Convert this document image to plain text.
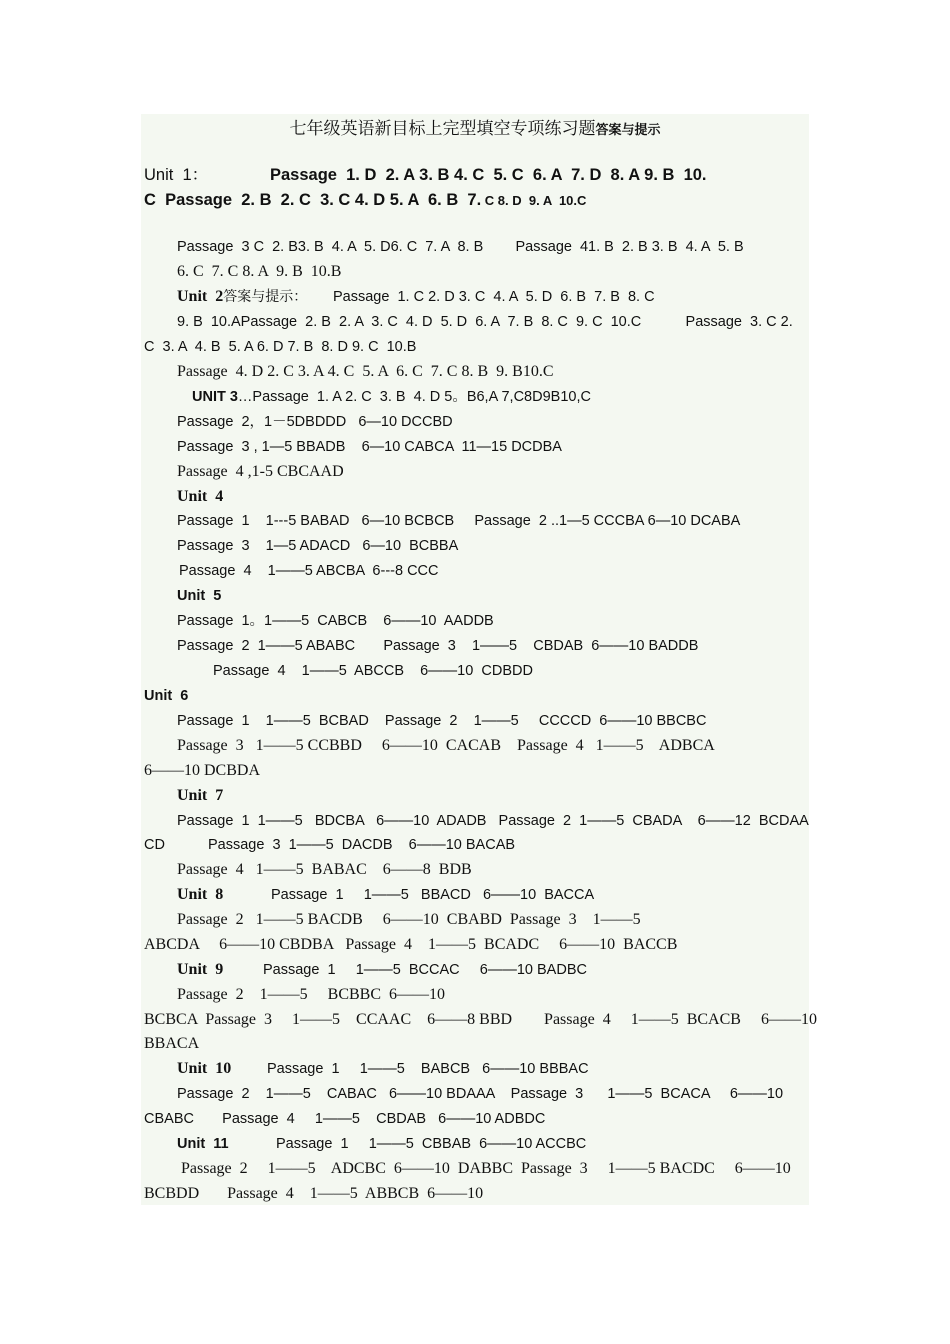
七年级英语新目标上完型填空专项练习题答案与提示
Unit  1：	Passage  1. D  2. A 3. B 4. C  5. C  6. A  7. D  8. A 9. B  10.
C  Passage  2. B  2. C  3. C 4. D 5. A  6. B  7. C 8. D  9. A  10.C
Passage  3 C  2. B3. B  4. A  5. D6. C  7. A  8. B        Passage  41. B  2. B 3. B  4. A  5. B
6. C  7. C 8. A  9. B  10.B
Unit  2答案与提示： Passage  1. C 2. D 3. C  4. A  5. D  6. B  7. B  8. C
9. B  10.APassage  2. B  2. A  3. C  4. D  5. D  6. A  7. B  8. C  9. C  10.C           Passage  3. C 2.
C  3. A  4. B  5. A 6. D 7. B  8. D 9. C  10.B
Passage  4. D 2. C 3. A 4. C  5. A  6. C  7. C 8. B  9. B10.C
UNIT 3…Passage  1. A 2. C  3. B  4. D 5。B6,A 7,C8D9B10,C
Passage  2，1－5DBDDD   6—10 DCCBD
Passage  3 , 1—5 BBADB    6—10 CABCA  11—15 DCDBA
Passage  4 ,1-5 CBCAAD
Unit  4
Passage  1    1---5 BABAD   6—10 BCBCB     Passage  2 ..1—5 CCCBA 6—10 DCABA
Passage  3    1—5 ADACD   6—10  BCBBA
Passage  4    1——5 ABCBA  6---8 CCC
Unit  5
Passage  1。1——5  CABCB    6——10  AADDB
Passage  2  1——5 ABABC       Passage  3    1——5    CBDAB  6——10 BADDB
Passage  4    1——5  ABCCB    6——10  CDBDD
Unit  6
Passage  1    1——5  BCBAD    Passage  2    1——5     CCCCD  6——10 BBCBC
Passage  3   1——5 CCBBD     6——10  CACAB    Passage  4   1——5    ADBCA
6——10 DCBDA
Unit  7
Passage  1  1——5   BDCBA   6——10  ADADB   Passage  2  1——5  CBADA    6——12  BCDAA
CD	Passage  3  1——5  DACDB    6——10 BACAB
Passage  4   1——5  BABAC    6——8  BDB
Unit  8	Passage  1     1——5   BBACD   6——10  BACCA
Passage  2   1——5 BACDB     6——10  CBABD  Passage  3    1——5
ABCDA     6——10 CBDBA   Passage  4    1——5  BCADC     6——10  BACCB
Unit  9	Passage  1     1——5  BCCAC     6——10 BADBC
Passage  2    1——5     BCBBC  6——10
BCBCA  Passage  3     1——5    CCAAC    6——8 BBD        Passage  4     1——5  BCACB     6——10
BBACA
Unit  10 Passage  1     1——5    BABCB   6——10 BBBAC
Passage  2    1——5    CABAC   6——10 BDAAA    Passage  3      1——5  BCACA     6——10
CBABC       Passage  4     1——5    CBDAB   6——10 ADBDC
Unit  11	Passage  1     1——5  CBBAB  6——10 ACCBC
Passage  2     1——5    ADCBC  6——10  DABBC  Passage  3     1——5 BACDC     6——10
BCBDD       Passage  4    1——5  ABBCB  6——10
